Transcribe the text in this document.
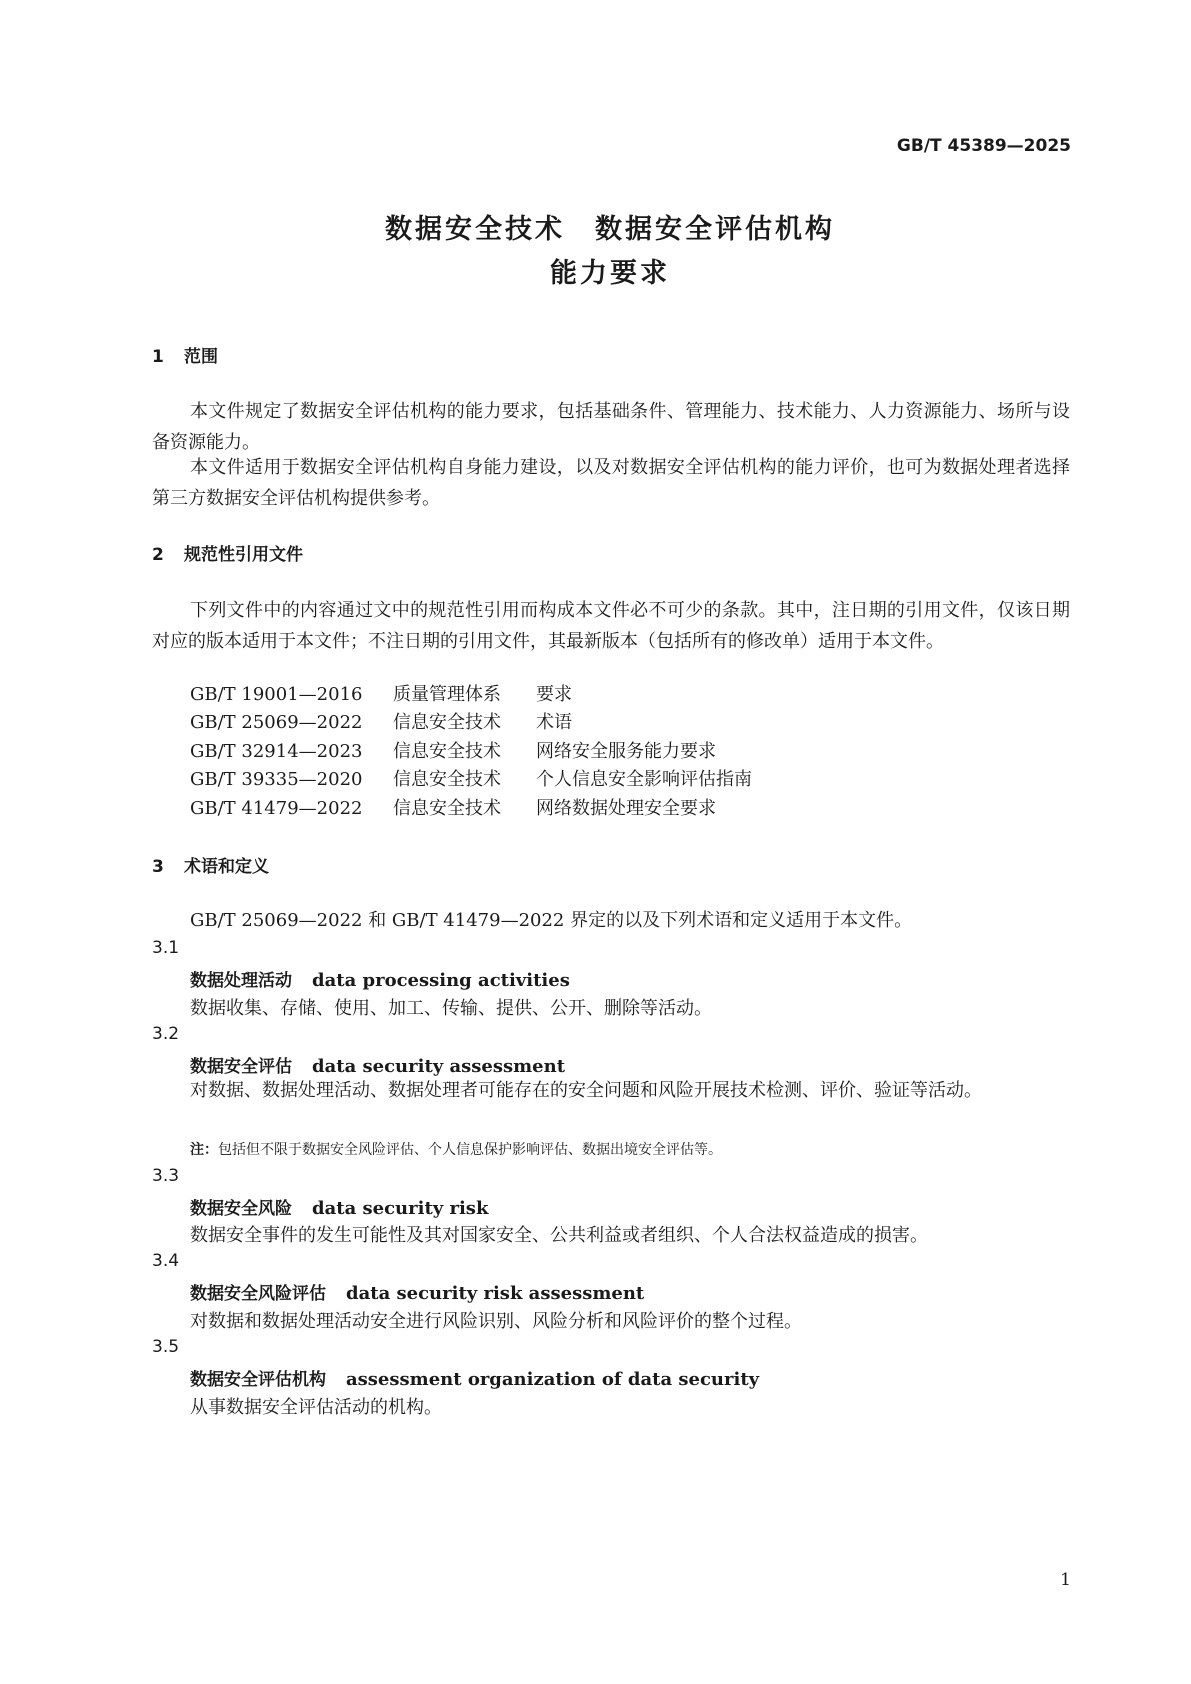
GB/T 45389—2025
数据安全技术　数据安全评估机构
能力要求
1 范围
本文件规定了数据安全评估机构的能力要求，包括基础条件、管理能力、技术能力、人力资源能力、场所与设备资源能力。
本文件适用于数据安全评估机构自身能力建设，以及对数据安全评估机构的能力评价，也可为数据处理者选择第三方数据安全评估机构提供参考。
2 规范性引用文件
下列文件中的内容通过文中的规范性引用而构成本文件必不可少的条款。其中，注日期的引用文件，仅该日期对应的版本适用于本文件；不注日期的引用文件，其最新版本（包括所有的修改单）适用于本文件。
GB/T 19001—2016 质量管理体系 要求
GB/T 25069—2022 信息安全技术 术语
GB/T 32914—2023 信息安全技术 网络安全服务能力要求
GB/T 39335—2020 信息安全技术 个人信息安全影响评估指南
GB/T 41479—2022 信息安全技术 网络数据处理安全要求
3 术语和定义
GB/T 25069—2022 和 GB/T 41479—2022 界定的以及下列术语和定义适用于本文件。
3.1
数据处理活动 data processing activities
数据收集、存储、使用、加工、传输、提供、公开、删除等活动。
3.2
数据安全评估 data security assessment
对数据、数据处理活动、数据处理者可能存在的安全问题和风险开展技术检测、评价、验证等活动。
注：包括但不限于数据安全风险评估、个人信息保护影响评估、数据出境安全评估等。
3.3
数据安全风险 data security risk
数据安全事件的发生可能性及其对国家安全、公共利益或者组织、个人合法权益造成的损害。
3.4
数据安全风险评估 data security risk assessment
对数据和数据处理活动安全进行风险识别、风险分析和风险评价的整个过程。
3.5
数据安全评估机构 assessment organization of data security
从事数据安全评估活动的机构。
1
